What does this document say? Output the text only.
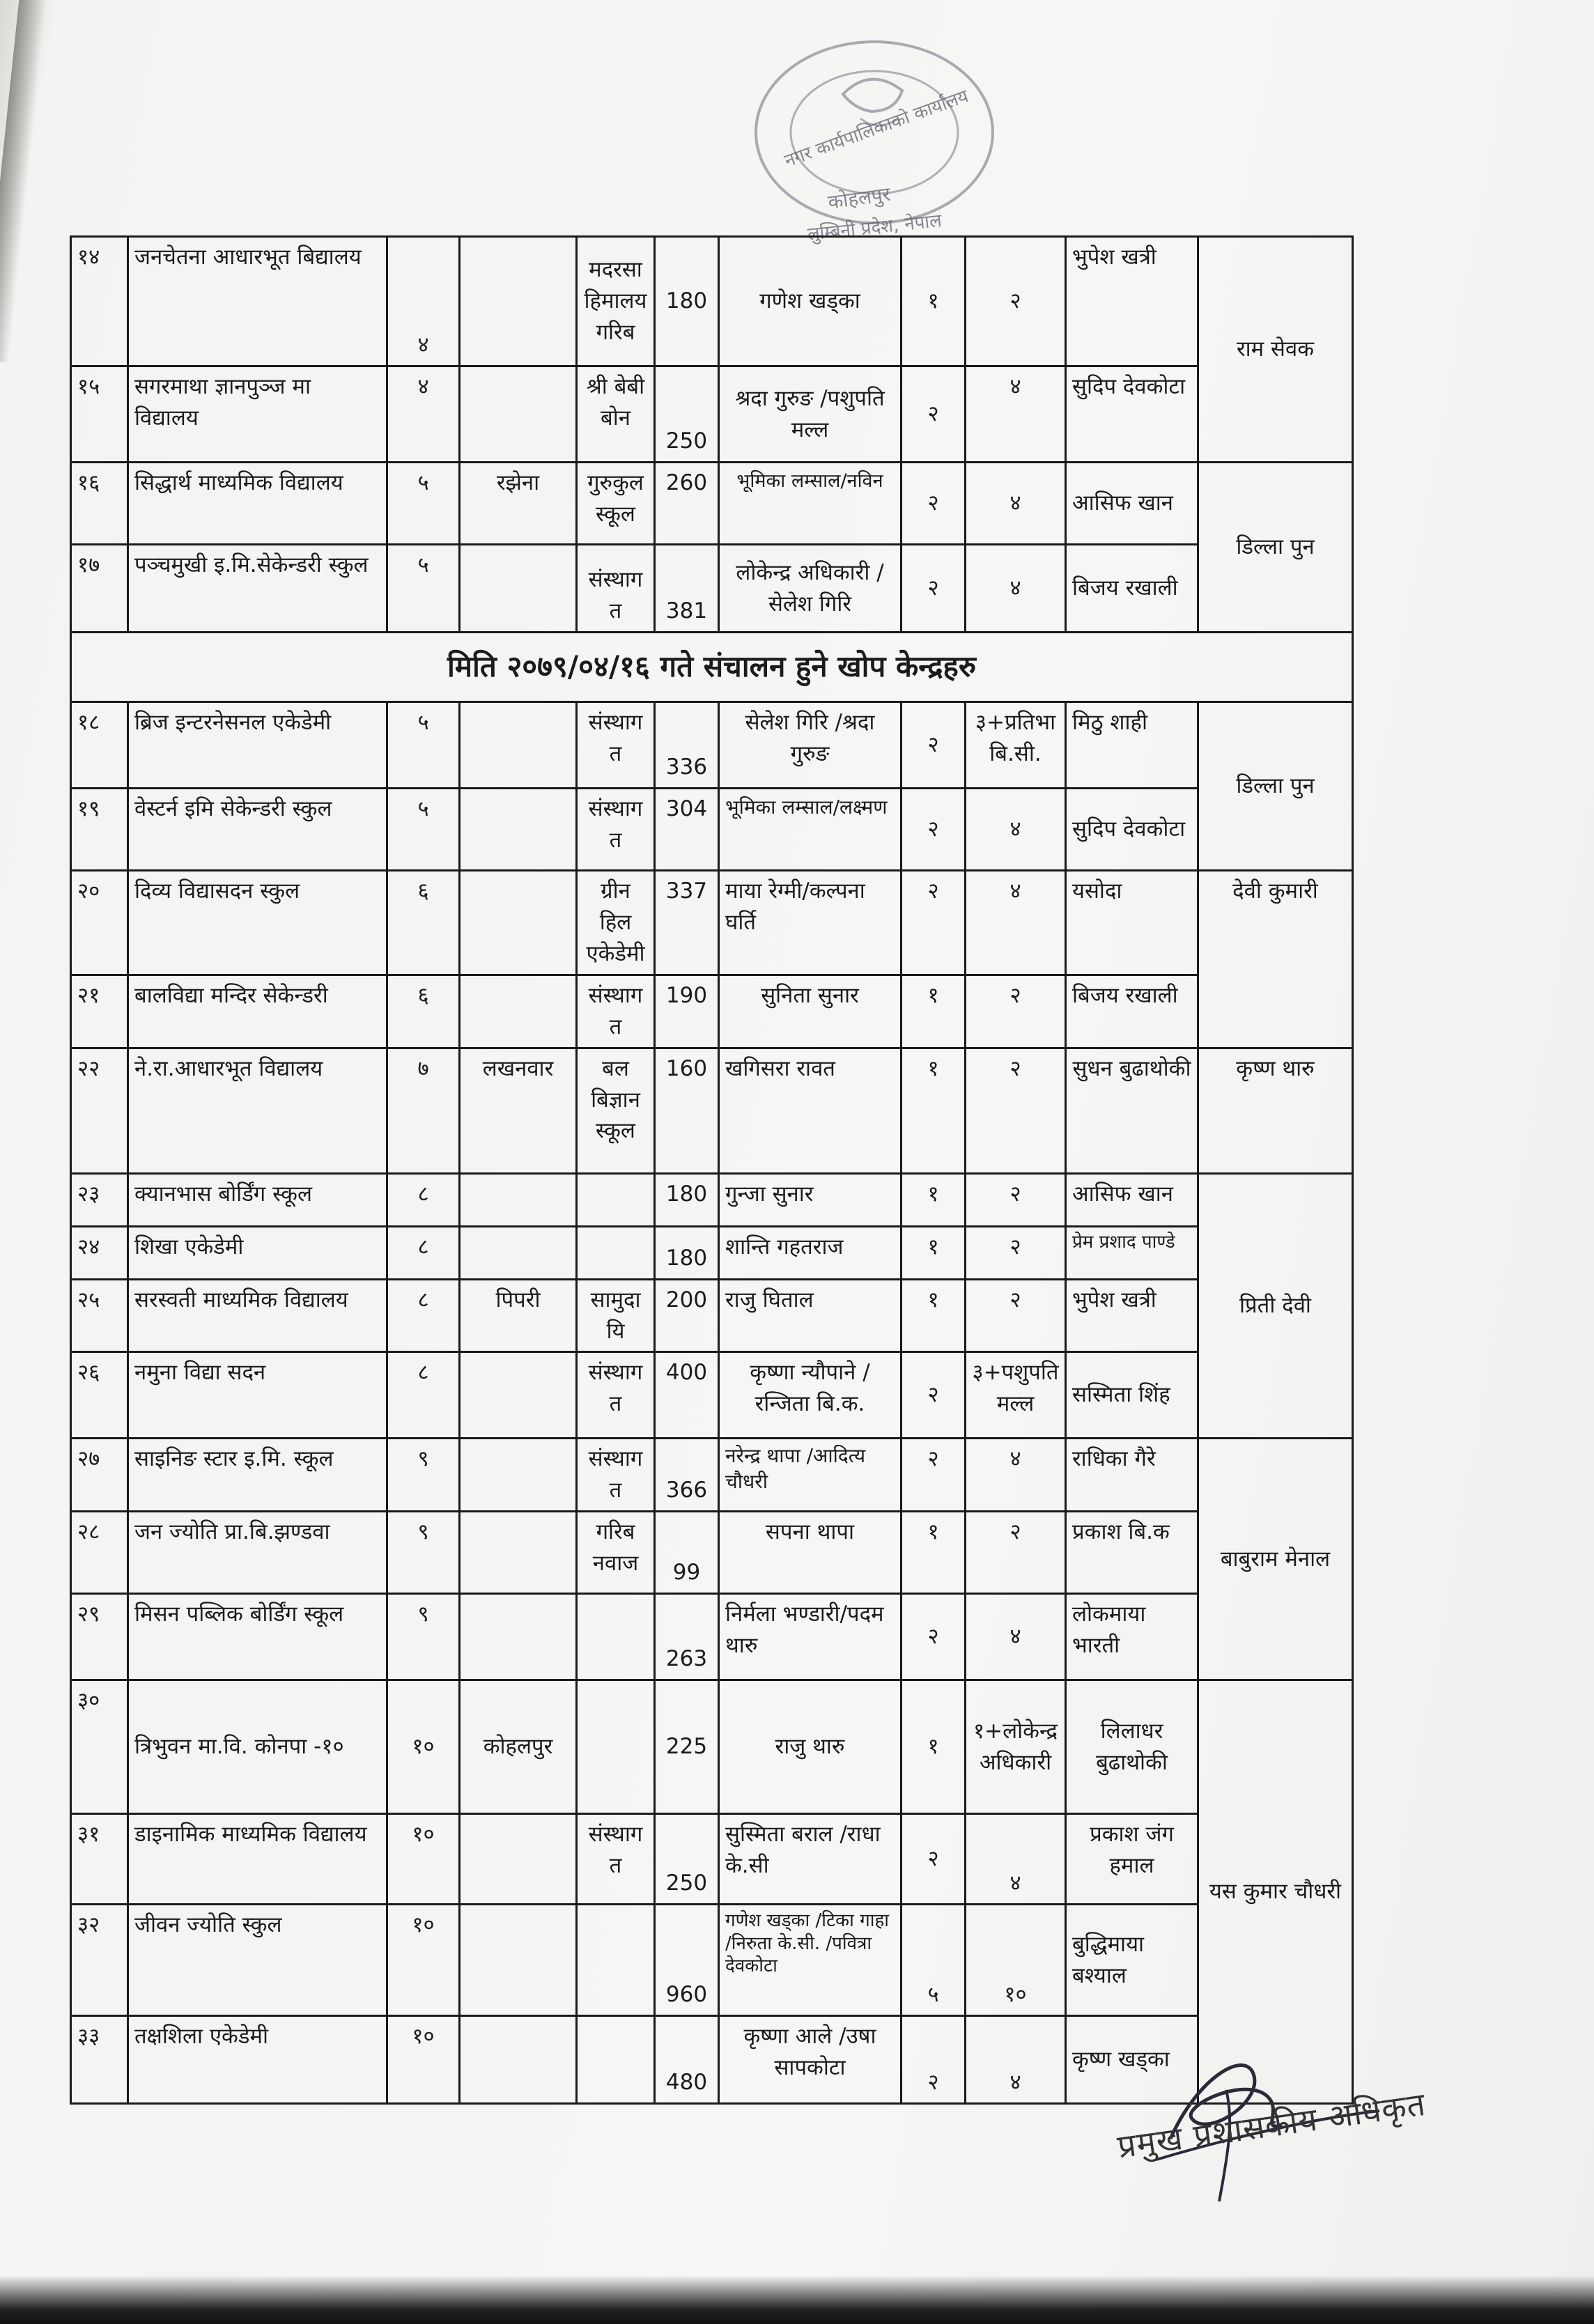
नगर कार्यपालिकाको कार्यालय
कोहलपुर
लुम्बिनी प्रदेश, नेपाल
१४	जनचेतना आधारभूत बिद्यालय	४		मदरसा हिमालय गरिब	180	गणेश खड्का	१	२	भुपेश खत्री	राम सेवक
१५	सगरमाथा ज्ञानपुञ्ज मा विद्यालय	४		श्री बेबी बोन	250	श्रदा गुरुङ /पशुपति मल्ल	२	४	सुदिप देवकोटा	
१६	सिद्धार्थ माध्यमिक विद्यालय	५	रझेना	गुरुकुल स्कूल	260	भूमिका लम्साल/नविन	२	४	आसिफ खान	डिल्ला पुन
१७	पञ्चमुखी इ.मि.सेकेन्डरी स्कुल	५		संस्थागत	381	लोकेन्द्र अधिकारी / सेलेश गिरि	२	४	बिजय रखाली	
मिति २०७९/०४/१६ गते संचालन हुने खोप केन्द्रहरु										
१८	ब्रिज इन्टरनेसनल एकेडेमी	५		संस्थागत	336	सेलेश गिरि /श्रदा गुरुङ	२	३+प्रतिभा बि.सी.	मिठु शाही	डिल्ला पुन
१९	वेस्टर्न इमि सेकेन्डरी स्कुल	५		संस्थागत	304	भूमिका लम्साल/लक्ष्मण	२	४	सुदिप देवकोटा	
२०	दिव्य विद्यासदन स्कुल	६		ग्रीन हिल एकेडेमी	337	माया रेग्मी/कल्पना घर्ति	२	४	यसोदा	देवी कुमारी
२१	बालविद्या मन्दिर सेकेन्डरी	६		संस्थागत	190	सुनिता सुनार	१	२	बिजय रखाली	
२२	ने.रा.आधारभूत विद्यालय	७	लखनवार	बल बिज्ञान स्कूल	160	खगिसरा रावत	१	२	सुधन बुढाथोकी	कृष्ण थारु
२३	क्यानभास बोर्डिंग स्कूल	८			180	गुन्जा सुनार	१	२	आसिफ खान	प्रिती देवी
२४	शिखा एकेडेमी	८			180	शान्ति गहतराज	१	२	प्रेम प्रशाद पाण्डे	
२५	सरस्वती माध्यमिक विद्यालय	८	पिपरी	सामुदायि	200	राजु घिताल	१	२	भुपेश खत्री	
२६	नमुना विद्या सदन	८		संस्थागत	400	कृष्णा न्यौपाने /रन्जिता बि.क.	२	३+पशुपति मल्ल	सस्मिता शिंह	
२७	साइनिङ स्टार इ.मि. स्कूल	९		संस्थागत	366	नरेन्द्र थापा /आदित्य चौधरी	२	४	राधिका गैरे	बाबुराम मेनाल
२८	जन ज्योति प्रा.बि.झण्डवा	९		गरिब नवाज	99	सपना थापा	१	२	प्रकाश बि.क	
२९	मिसन पब्लिक बोर्डिंग स्कूल	९			263	निर्मला भण्डारी/पदम थारु	२	४	लोकमाया भारती	
३०	त्रिभुवन मा.वि. कोनपा -१०	१०	कोहलपुर		225	राजु थारु	१	१+लोकेन्द्र अधिकारी	लिलाधर बुढाथोकी	यस कुमार चौधरी
३१	डाइनामिक माध्यमिक विद्यालय	१०		संस्थागत	250	सुस्मिता बराल /राधा के.सी	२	४	प्रकाश जंग हमाल	
३२	जीवन ज्योति स्कुल	१०			960	गणेश खड्का /टिका गाहा /निरुता के.सी. /पवित्रा देवकोटा	५	१०	बुद्धिमाया बश्याल	
३३	तक्षशिला एकेडेमी	१०			480	कृष्णा आले /उषा सापकोटा	२	४	कृष्ण खड्का	
प्रमुख प्रशासकीय अधिकृत
